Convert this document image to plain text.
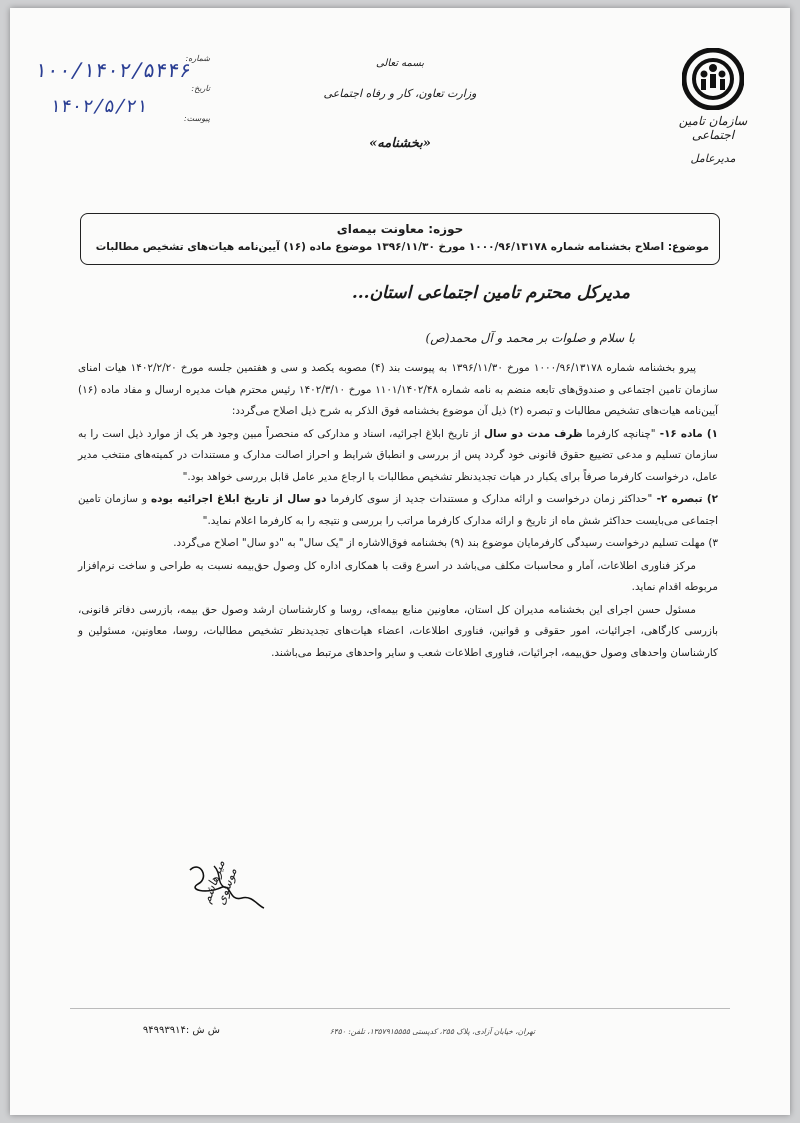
سازمان تامین اجتماعی
مدیرعامل
بسمه تعالی
وزارت تعاون، کار و رفاه اجتماعی
«بخشنامه»
شماره:
تاریخ:
پیوست:
۱۰۰/۱۴۰۲/۵۴۴۶
۱۴۰۲/۵/۲۱
حوزه: معاونت بیمه‌ای
موضوع: اصلاح بخشنامه شماره ۱۰۰۰/۹۶/۱۳۱۷۸ مورخ ۱۳۹۶/۱۱/۳۰ موضوع ماده (۱۶) آیین‌نامه هیات‌های تشخیص مطالبات
مدیرکل محترم تامین اجتماعی استان...
با سلام و صلوات بر محمد و آل محمد(ص)

پیرو بخشنامه شماره ۱۰۰۰/۹۶/۱۳۱۷۸ مورخ ۱۳۹۶/۱۱/۳۰ به پیوست بند (۴) مصوبه یکصد و سی و هفتمین جلسه مورخ ۱۴۰۲/۲/۲۰ هیات امنای سازمان تامین اجتماعی و صندوق‌های تابعه منضم به نامه شماره ۱۱۰۱/۱۴۰۲/۴۸ مورخ ۱۴۰۲/۳/۱۰ رئیس محترم هیات مدیره ارسال و مفاد ماده (۱۶) آیین‌نامه هیات‌های تشخیص مطالبات و تبصره (۲) ذیل آن موضوع بخشنامه فوق الذکر به شرح ذیل اصلاح می‌گردد:

۱) ماده ۱۶- "چنانچه کارفرما ظرف مدت دو سال از تاریخ ابلاغ اجرائیه، اسناد و مدارکی که منحصراً مبین وجود هر یک از موارد ذیل است را به سازمان تسلیم و مدعی تضییع حقوق قانونی خود گردد پس از بررسی و انطباق شرایط و احراز اصالت مدارک و مستندات در کمیته‌های منتخب مدیر عامل، درخواست کارفرما صرفاً برای یکبار در هیات تجدیدنظر تشخیص مطالبات با ارجاع مدیر عامل قابل بررسی خواهد بود."

۲) تبصره ۲- "حداکثر زمان درخواست و ارائه مدارک و مستندات جدید از سوی کارفرما دو سال از تاریخ ابلاغ اجرائیه بوده و سازمان تامین اجتماعی می‌بایست حداکثر شش ماه از تاریخ و ارائه مدارک کارفرما مراتب را بررسی و نتیجه را به کارفرما اعلام نماید."

۳) مهلت تسلیم درخواست رسیدگی کارفرمایان موضوع بند (۹) بخشنامه فوق‌الاشاره از "یک سال" به "دو سال" اصلاح می‌گردد.

مرکز فناوری اطلاعات، آمار و محاسبات مکلف می‌باشد در اسرع وقت با همکاری اداره کل وصول حق‌بیمه نسبت به طراحی و ساخت نرم‌افزار مربوطه اقدام نماید.

مسئول حسن اجرای این بخشنامه مدیران کل استان، معاونین منابع بیمه‌ای، روسا و کارشناسان ارشد وصول حق بیمه، بازرسی دفاتر قانونی، بازرسی کارگاهی، اجرائیات، امور حقوقی و قوانین، فناوری اطلاعات، اعضاء هیات‌های تجدیدنظر تشخیص مطالبات، روسا، معاونین، مسئولین و کارشناسان واحدهای وصول حق‌بیمه، اجرائیات، فناوری اطلاعات شعب و سایر واحدهای مرتبط می‌باشند.

میرهاشم موسوی
ش ش :۹۴۹۹۳۹۱۴	تهران، خیابان آزادی، پلاک ۲۵۵، کدپستی ۱۳۵۷۹۱۵۵۵۵، تلفن: ۶۴۵۰
